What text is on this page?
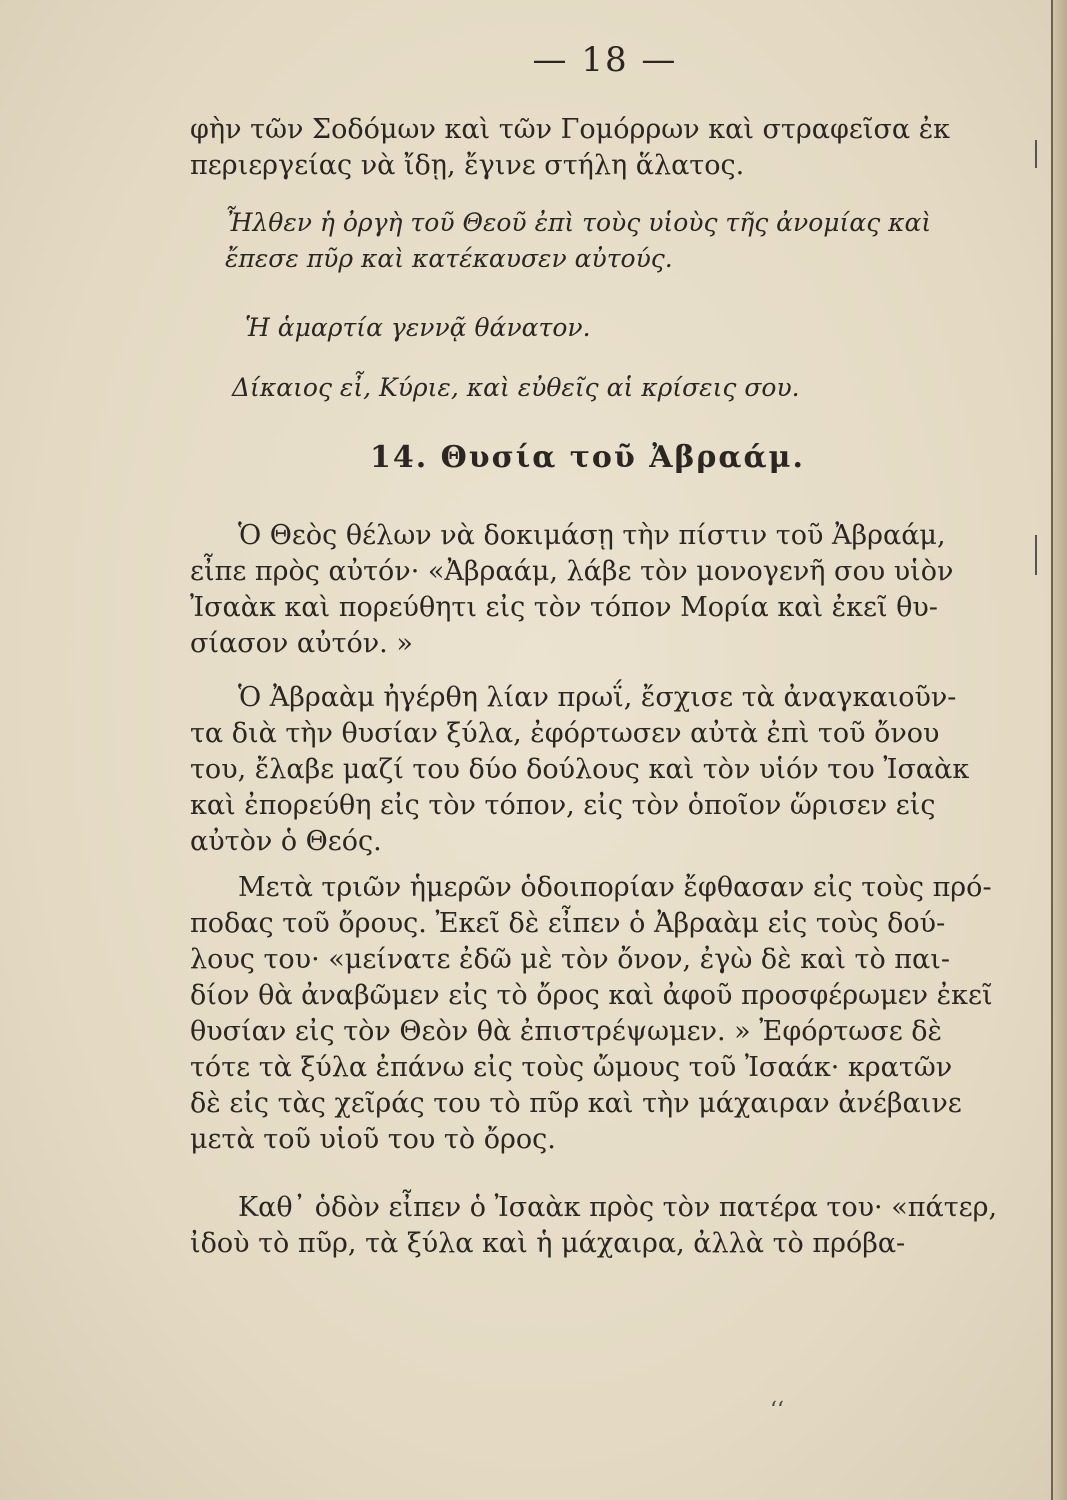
— 18 —

φὴν τῶν Σοδόμων καὶ τῶν Γομόρρων καὶ στραφεῖσα ἐκ
περιεργείας νὰ ἴδῃ, ἔγινε στήλη ἅλατος.

Ἦλθεν ἡ ὀργὴ τοῦ Θεοῦ ἐπὶ τοὺς υἱοὺς τῆς ἀνομίας καὶ
ἔπεσε πῦρ καὶ κατέκαυσεν αὐτούς.

Ἡ ἁμαρτία γεννᾷ θάνατον.

Δίκαιος εἶ, Κύριε, καὶ εὐθεῖς αἱ κρίσεις σου.

14. Θυσία τοῦ Ἀβραάμ.

Ὁ Θεὸς θέλων νὰ δοκιμάσῃ τὴν πίστιν τοῦ Ἀβραάμ,
εἶπε πρὸς αὐτόν· «Ἀβραάμ, λάβε τὸν μονογενῆ σου υἱὸν
Ἰσαὰκ καὶ πορεύθητι εἰς τὸν τόπον Μορία καὶ ἐκεῖ θυ-
σίασον αὐτόν. »

Ὁ Ἀβραὰμ ἠγέρθη λίαν πρωΐ, ἔσχισε τὰ ἀναγκαιοῦν-
τα διὰ τὴν θυσίαν ξύλα, ἐφόρτωσεν αὐτὰ ἐπὶ τοῦ ὄνου
του, ἔλαβε μαζί του δύο δούλους καὶ τὸν υἱόν του Ἰσαὰκ
καὶ ἐπορεύθη εἰς τὸν τόπον, εἰς τὸν ὁποῖον ὥρισεν εἰς
αὐτὸν ὁ Θεός.

Μετὰ τριῶν ἡμερῶν ὁδοιπορίαν ἔφθασαν εἰς τοὺς πρό-
ποδας τοῦ ὄρους. Ἐκεῖ δὲ εἶπεν ὁ Ἀβραὰμ εἰς τοὺς δού-
λους του· «μείνατε ἐδῶ μὲ τὸν ὄνον, ἐγὼ δὲ καὶ τὸ παι-
δίον θὰ ἀναβῶμεν εἰς τὸ ὄρος καὶ ἀφοῦ προσφέρωμεν ἐκεῖ
θυσίαν εἰς τὸν Θεὸν θὰ ἐπιστρέψωμεν. » Ἐφόρτωσε δὲ
τότε τὰ ξύλα ἐπάνω εἰς τοὺς ὤμους τοῦ Ἰσαάκ· κρατῶν
δὲ εἰς τὰς χεῖράς του τὸ πῦρ καὶ τὴν μάχαιραν ἀνέβαινε
μετὰ τοῦ υἱοῦ του τὸ ὄρος.

Καθ᾽ ὁδὸν εἶπεν ὁ Ἰσαὰκ πρὸς τὸν πατέρα του· «πάτερ,
ἰδοὺ τὸ πῦρ, τὰ ξύλα καὶ ἡ μάχαιρα, ἀλλὰ τὸ πρόβα-

‘‘
